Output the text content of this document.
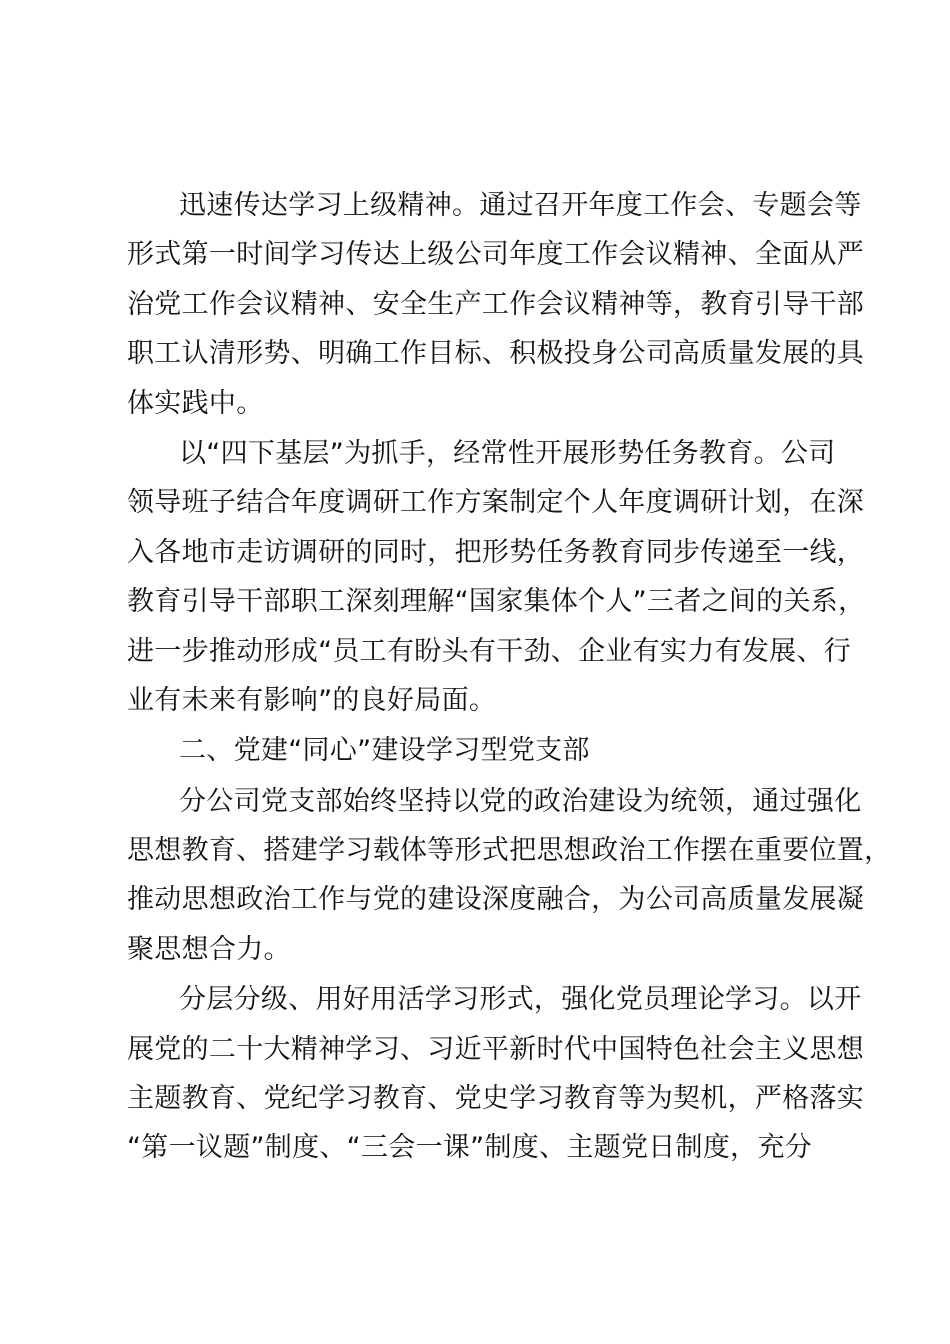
迅速传达学习上级精神。通过召开年度工作会、专题会等
形式第一时间学习传达上级公司年度工作会议精神、全面从严
治党工作会议精神、安全生产工作会议精神等，教育引导干部
职工认清形势、明确工作目标、积极投身公司高质量发展的具
体实践中。
以“四下基层”为抓手，经常性开展形势任务教育。公司
领导班子结合年度调研工作方案制定个人年度调研计划，在深
入各地市走访调研的同时，把形势任务教育同步传递至一线，
教育引导干部职工深刻理解“国家集体个人”三者之间的关系，
进一步推动形成“员工有盼头有干劲、企业有实力有发展、行
业有未来有影响”的良好局面。
二、党建“同心”建设学习型党支部
分公司党支部始终坚持以党的政治建设为统领，通过强化
思想教育、搭建学习载体等形式把思想政治工作摆在重要位置，
推动思想政治工作与党的建设深度融合，为公司高质量发展凝
聚思想合力。
分层分级、用好用活学习形式，强化党员理论学习。以开
展党的二十大精神学习、习近平新时代中国特色社会主义思想
主题教育、党纪学习教育、党史学习教育等为契机，严格落实
“第一议题”制度、“三会一课”制度、主题党日制度，充分
